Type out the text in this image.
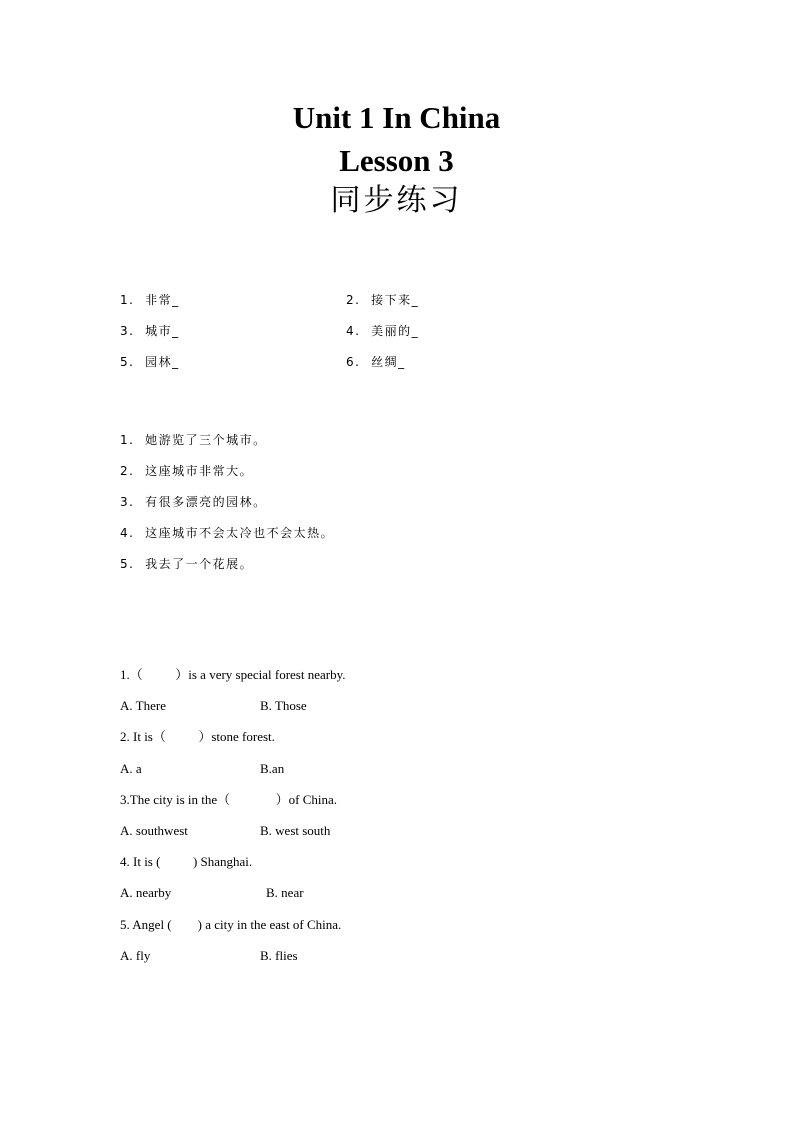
Unit 1 In China
Lesson 3
同步练习
1.  非常_	2.  接下来_
3.  城市_	4.  美丽的_
5.  园林_	6.  丝绸_
1.  她游览了三个城市。
2.  这座城市非常大。
3.  有很多漂亮的园林。
4.  这座城市不会太冷也不会太热。
5.  我去了一个花展。
1.（          ）is a very special forest nearby.
A. There	B. Those
2. It is（          ）stone forest.
A. a	B.an
3.The city is in the（              ）of China.
A. southwest	B. west south
4. It is (          ) Shanghai.
A. nearby	B. near
5. Angel (        ) a city in the east of China.
A. fly	B. flies
